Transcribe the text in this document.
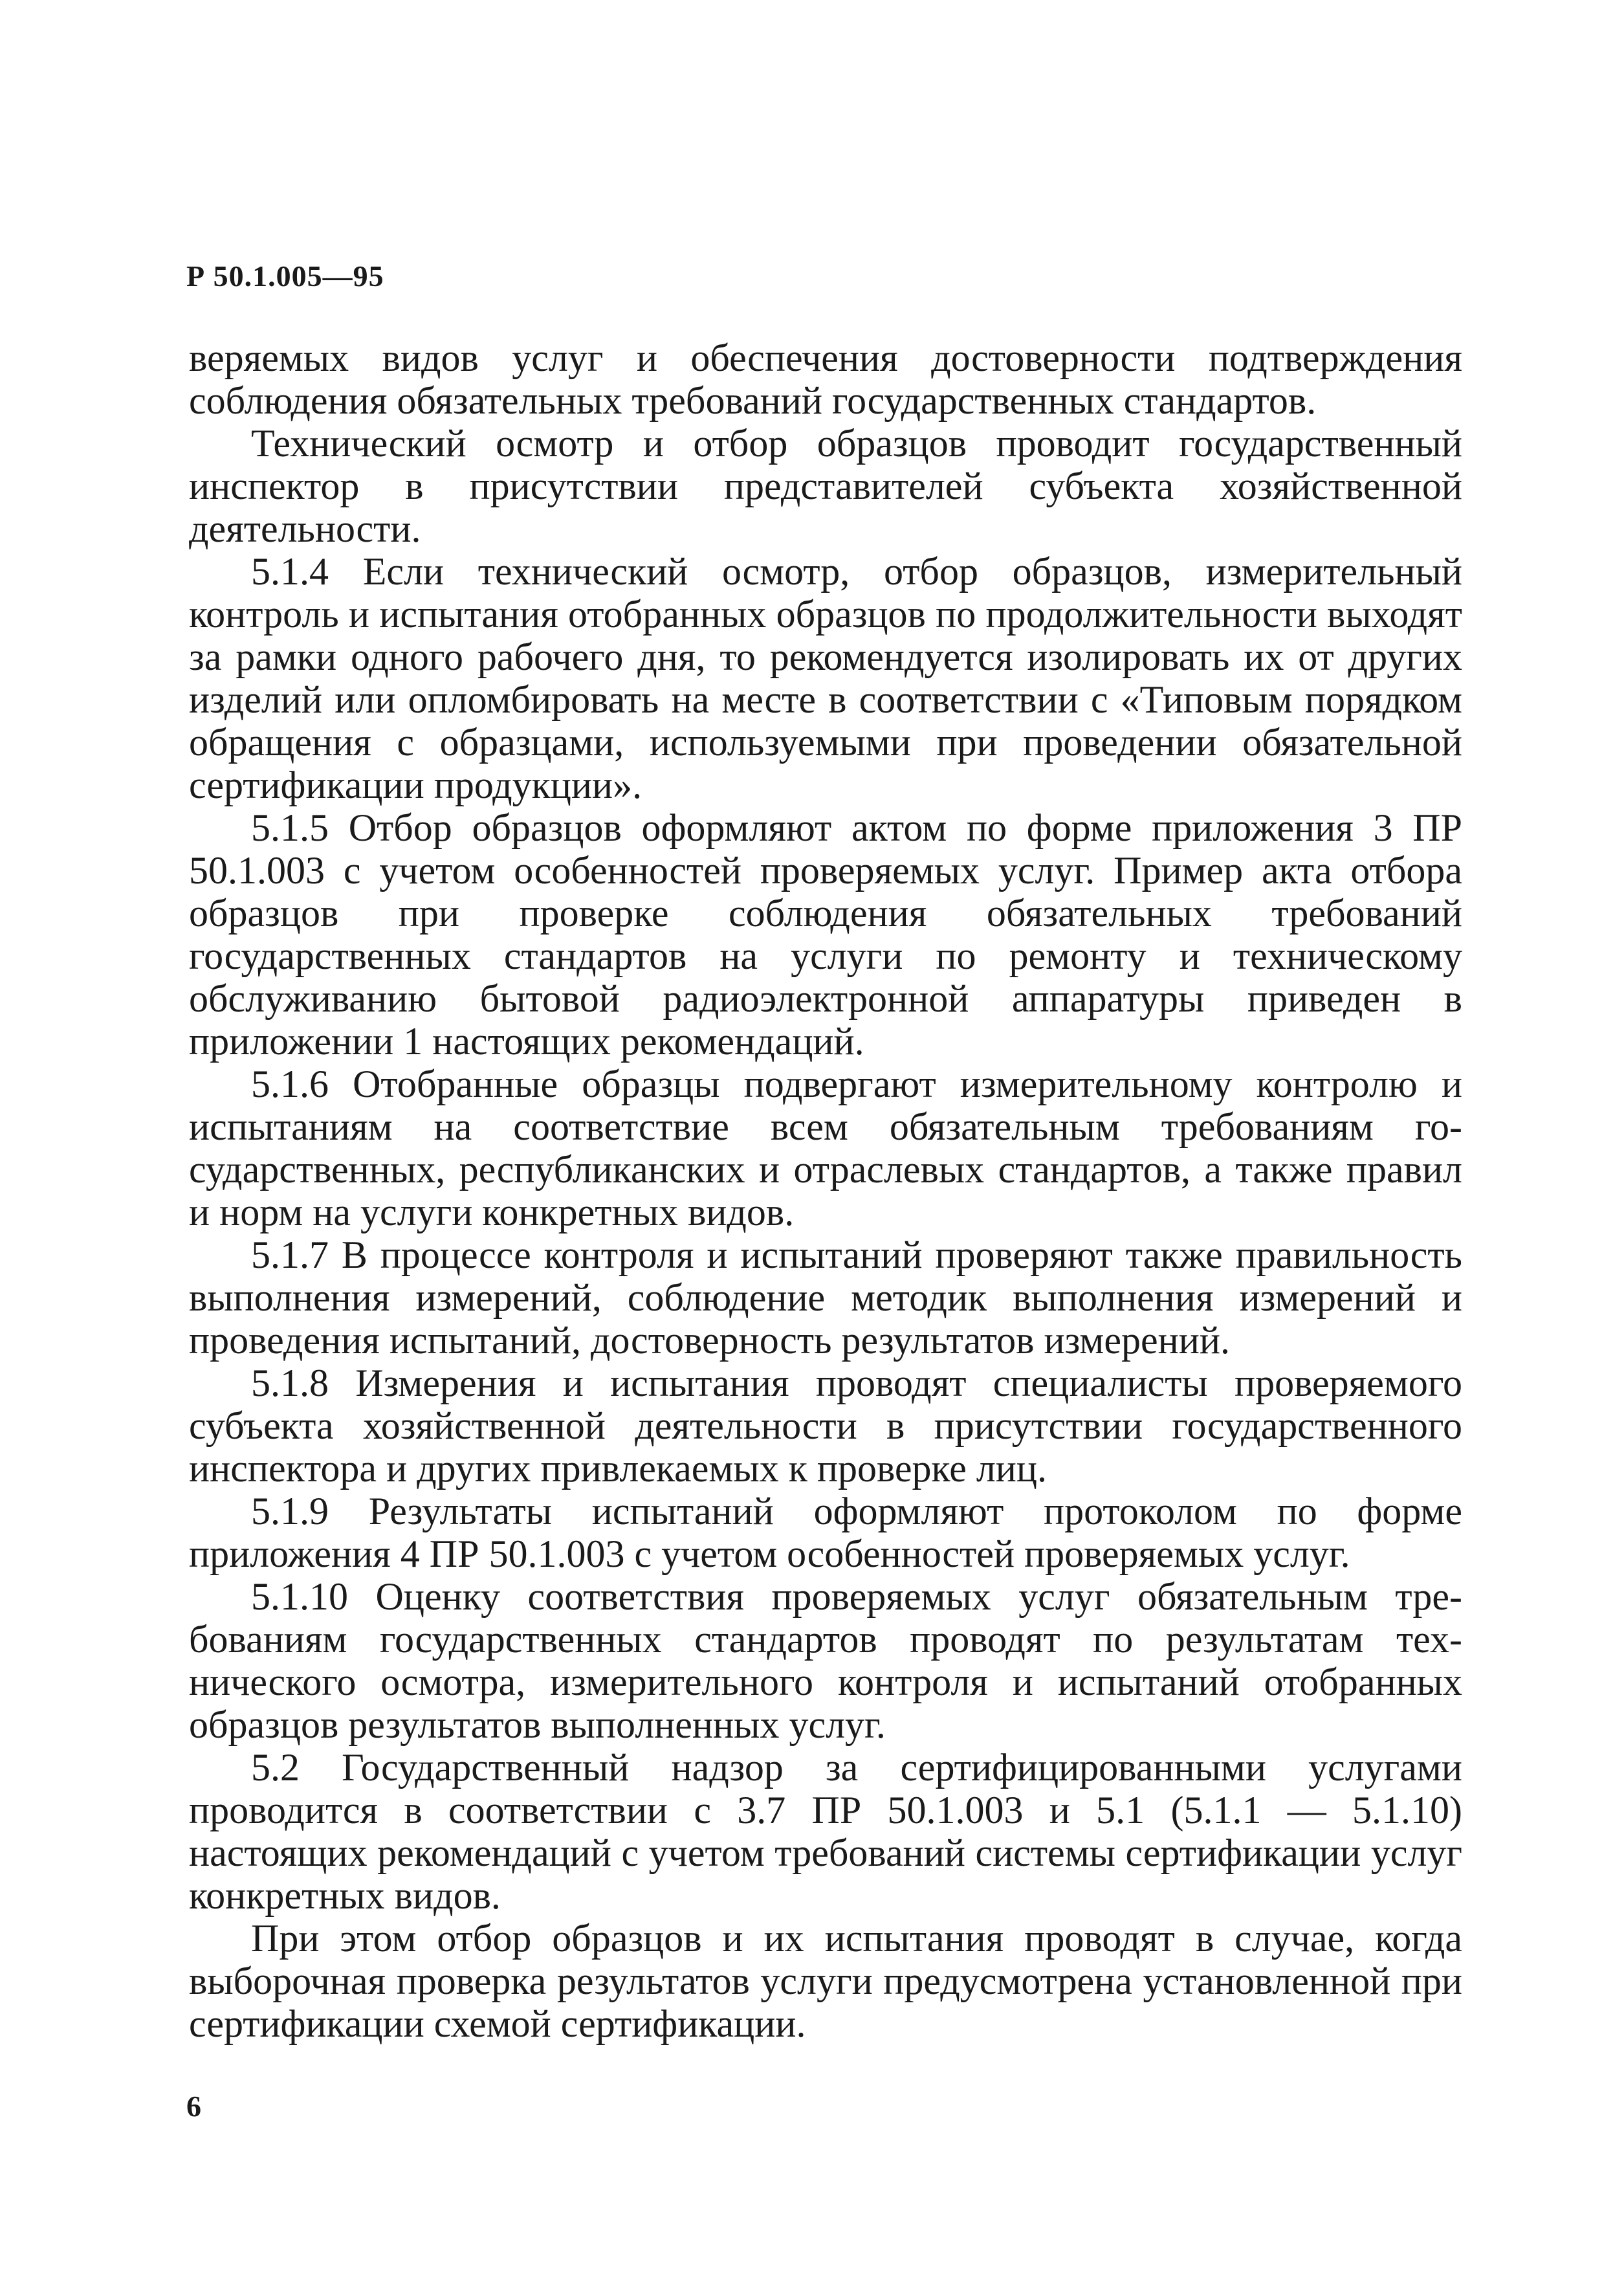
Р 50.1.005—95

веряемых видов услуг и обеспечения достоверности подтверждения соблюдения обязательных требований государственных стандартов.

Технический осмотр и отбор образцов проводит государственный инспектор в присутствии представителей субъекта хозяйственной деятельности.

5.1.4 Если технический осмотр, отбор образцов, измерительный контроль и испытания отобранных образцов по продолжительности выходят за рамки одного рабочего дня, то рекомендуется изолировать их от других изделий или опломбировать на месте в соответствии с «Типовым порядком обращения с образцами, используемыми при проведении обязательной сертификации продукции».

5.1.5 Отбор образцов оформляют актом по форме приложения 3 ПР 50.1.003 с учетом особенностей проверяемых услуг. Пример акта отбора образцов при проверке соблюдения обязательных требований государственных стандартов на услуги по ремонту и техническому обслуживанию бытовой радиоэлектронной аппаратуры приведен в приложении 1 настоящих рекомендаций.

5.1.6 Отобранные образцы подвергают измерительному контролю и испытаниям на соответствие всем обязательным требованиям государственных, республиканских и отраслевых стандартов, а также правил и норм на услуги конкретных видов.

5.1.7 В процессе контроля и испытаний проверяют также правильность выполнения измерений, соблюдение методик выполнения измерений и проведения испытаний, достоверность результатов измерений.

5.1.8 Измерения и испытания проводят специалисты проверяемого субъекта хозяйственной деятельности в присутствии государственного инспектора и других привлекаемых к проверке лиц.

5.1.9 Результаты испытаний оформляют протоколом по форме приложения 4 ПР 50.1.003 с учетом особенностей проверяемых услуг.

5.1.10 Оценку соответствия проверяемых услуг обязательным требованиям государственных стандартов проводят по результатам технического осмотра, измерительного контроля и испытаний отобранных образцов результатов выполненных услуг.

5.2 Государственный надзор за сертифицированными услугами проводится в соответствии с 3.7 ПР 50.1.003 и 5.1 (5.1.1 — 5.1.10) настоящих рекомендаций с учетом требований системы сертификации услуг конкретных видов.

При этом отбор образцов и их испытания проводят в случае, когда выборочная проверка результатов услуги предусмотрена установленной при сертификации схемой сертификации.

6
